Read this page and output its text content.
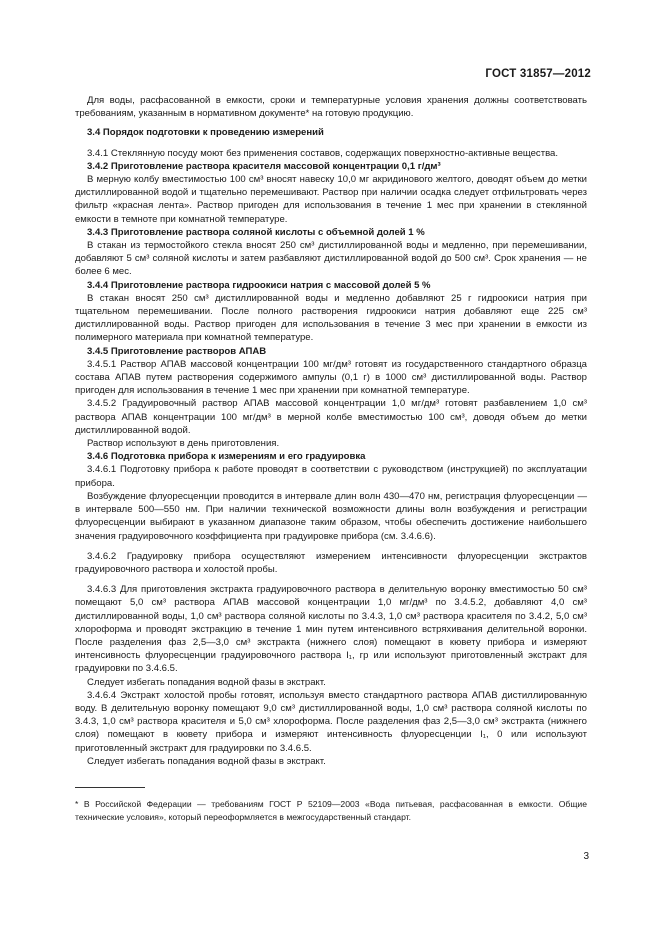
ГОСТ 31857—2012

Для воды, расфасованной в емкости, сроки и температурные условия хранения должны соответствовать требованиям, указанным в нормативном документе* на готовую продукцию.

3.4 Порядок подготовки к проведению измерений

3.4.1 Стеклянную посуду моют без применения составов, содержащих поверхностно-активные вещества.

3.4.2 Приготовление раствора красителя массовой концентрации 0,1 г/дм³

В мерную колбу вместимостью 100 см³ вносят навеску 10,0 мг акридинового желтого, доводят объем до метки дистиллированной водой и тщательно перемешивают. Раствор при наличии осадка следует отфильтровать через фильтр «красная лента». Раствор пригоден для использования в течение 1 мес при хранении в стеклянной емкости в темноте при комнатной температуре.

3.4.3 Приготовление раствора соляной кислоты с объемной долей 1 %

В стакан из термостойкого стекла вносят 250 см³ дистиллированной воды и медленно, при перемешивании, добавляют 5 см³ соляной кислоты и затем разбавляют дистиллированной водой до 500 см³. Срок хранения — не более 6 мес.

3.4.4 Приготовление раствора гидроокиси натрия с массовой долей 5 %

В стакан вносят 250 см³ дистиллированной воды и медленно добавляют 25 г гидроокиси натрия при тщательном перемешивании. После полного растворения гидроокиси натрия добавляют еще 225 см³ дистиллированной воды. Раствор пригоден для использования в течение 3 мес при хранении в емкости из полимерного материала при комнатной температуре.

3.4.5 Приготовление растворов АПАВ

3.4.5.1 Раствор АПАВ массовой концентрации 100 мг/дм³ готовят из государственного стандартного образца состава АПАВ путем растворения содержимого ампулы (0,1 г) в 1000 см³ дистиллированной воды. Раствор пригоден для использования в течение 1 мес при хранении при комнатной температуре.

3.4.5.2 Градуировочный раствор АПАВ массовой концентрации 1,0 мг/дм³ готовят разбавлением 1,0 см³ раствора АПАВ концентрации 100 мг/дм³ в мерной колбе вместимостью 100 см³, доводя объем до метки дистиллированной водой.

Раствор используют в день приготовления.

3.4.6 Подготовка прибора к измерениям и его градуировка

3.4.6.1 Подготовку прибора к работе проводят в соответствии с руководством (инструкцией) по эксплуатации прибора.

Возбуждение флуоресценции проводится в интервале длин волн 430—470 нм, регистрация флуоресценции — в интервале 500—550 нм. При наличии технической возможности длины волн возбуждения и регистрации флуоресценции выбирают в указанном диапазоне таким образом, чтобы обеспечить достижение наибольшего значения градуировочного коэффициента при градуировке прибора (см. 3.4.6.6).

3.4.6.2 Градуировку прибора осуществляют измерением интенсивности флуоресценции экстрактов градуировочного раствора и холостой пробы.

3.4.6.3 Для приготовления экстракта градуировочного раствора в делительную воронку вместимостью 50 см³ помещают 5,0 см³ раствора АПАВ массовой концентрации 1,0 мг/дм³ по 3.4.5.2, добавляют 4,0 см³ дистиллированной воды, 1,0 см³ раствора соляной кислоты по 3.4.3, 1,0 см³ раствора красителя по 3.4.2, 5,0 см³ хлороформа и проводят экстракцию в течение 1 мин путем интенсивного встряхивания делительной воронки. После разделения фаз 2,5—3,0 см³ экстракта (нижнего слоя) помещают в кювету прибора и измеряют интенсивность флуоресценции градуировочного раствора I₁, гр или используют приготовленный экстракт для градуировки по 3.4.6.5.

Следует избегать попадания водной фазы в экстракт.

3.4.6.4 Экстракт холостой пробы готовят, используя вместо стандартного раствора АПАВ дистиллированную воду. В делительную воронку помещают 9,0 см³ дистиллированной воды, 1,0 см³ раствора соляной кислоты по 3.4.3, 1,0 см³ раствора красителя и 5,0 см³ хлороформа. После разделения фаз 2,5—3,0 см³ экстракта (нижнего слоя) помещают в кювету прибора и измеряют интенсивность флуоресценции I₁, 0 или используют приготовленный экстракт для градуировки по 3.4.6.5.

Следует избегать попадания водной фазы в экстракт.

* В Российской Федерации — требованиям ГОСТ Р 52109—2003 «Вода питьевая, расфасованная в емкости. Общие технические условия», который переоформляется в межгосударственный стандарт.
3
